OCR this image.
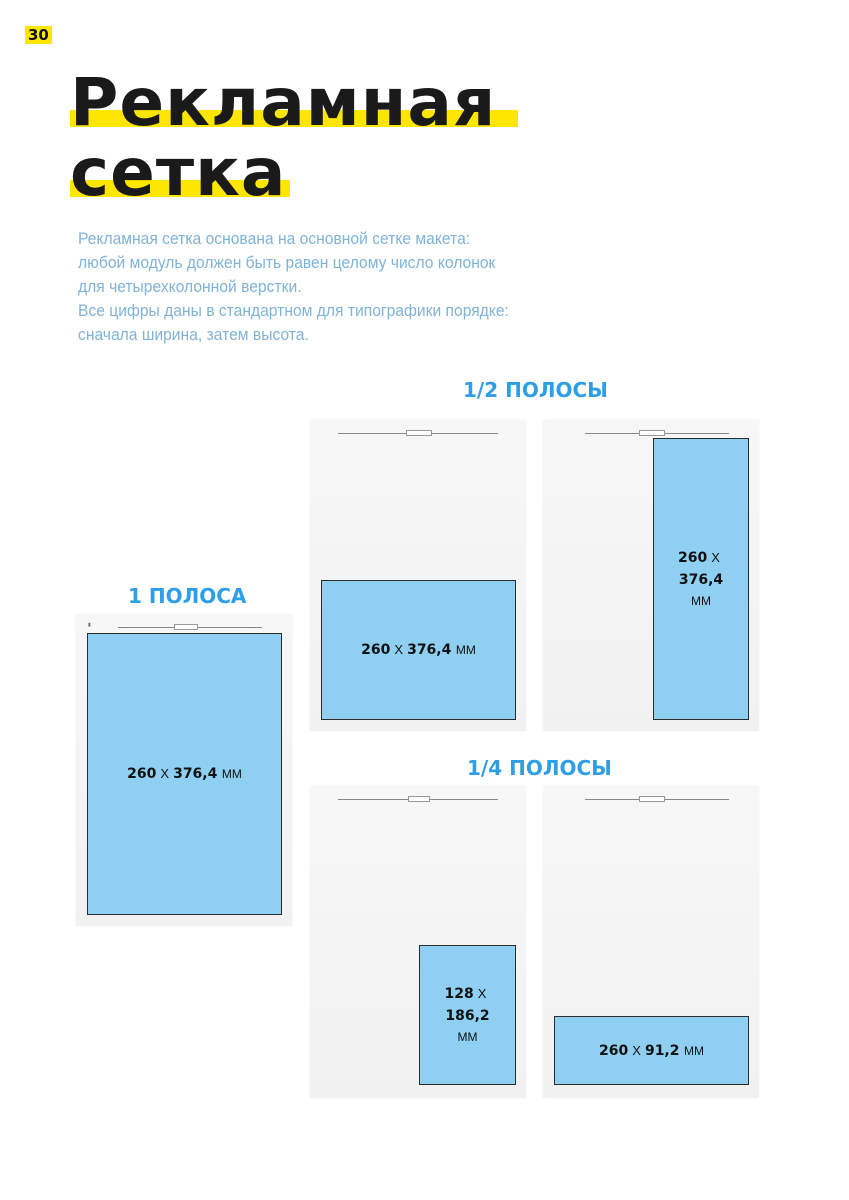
30
Рекламная
сетка
Рекламная сетка основана на основной сетке макета:
любой модуль должен быть равен целому число колонок
для четырехколонной верстки.
Все цифры даны в стандартном для типографики порядке:
сначала ширина, затем высота.
1/2 ПОЛОСЫ
1 ПОЛОСА
1/4 ПОЛОСЫ
▮
260 Х 376,4 ММ
260 Х 376,4 ММ
260 Х
376,4
ММ
128 Х
186,2
ММ
260 Х 91,2 ММ
